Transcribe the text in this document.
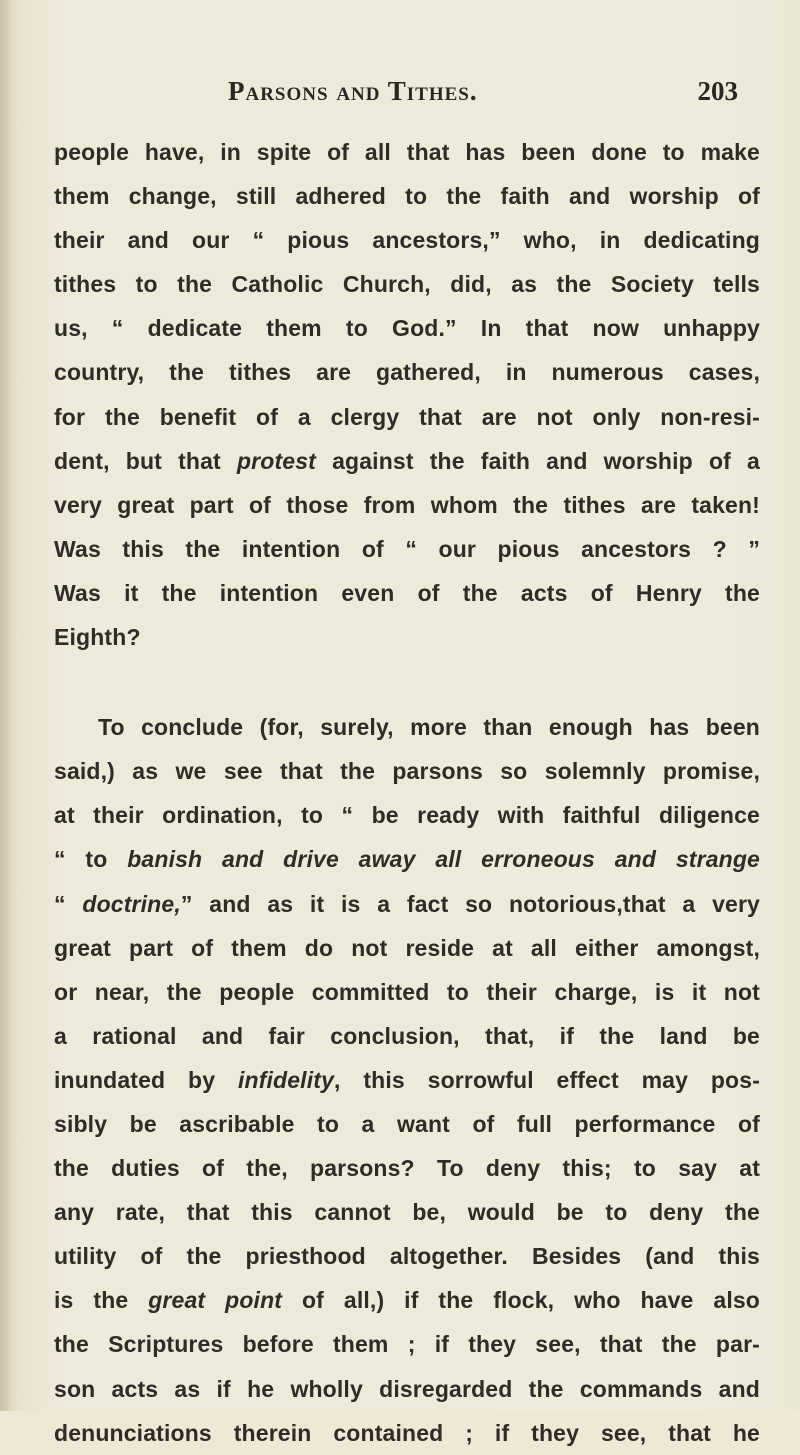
Parsons and Tithes.	203
people have, in spite of all that has been done to make
them change, still adhered to the faith and worship of
their and our “ pious ancestors,” who, in dedicating
tithes to the Catholic Church, did, as the Society tells
us, “ dedicate them to God.” In that now unhappy
country, the tithes are gathered, in numerous cases,
for the benefit of a clergy that are not only non-resi-
dent, but that protest against the faith and worship of a
very great part of those from whom the tithes are taken!
Was this the intention of “ our pious ancestors ? ”
Was it the intention even of the acts of Henry the
Eighth?
To conclude (for, surely, more than enough has been
said,) as we see that the parsons so solemnly promise,
at their ordination, to “ be ready with faithful diligence
“ to banish and drive away all erroneous and strange
“ doctrine,” and as it is a fact so notorious,that a very
great part of them do not reside at all either amongst,
or near, the people committed to their charge, is it not
a rational and fair conclusion, that, if the land be
inundated by infidelity, this sorrowful effect may pos-
sibly be ascribable to a want of full performance of
the duties of the, parsons? To deny this; to say at
any rate, that this cannot be, would be to deny the
utility of the priesthood altogether. Besides (and this
is the great point of all,) if the flock, who have also
the Scriptures before them ; if they see, that the par-
son acts as if he wholly disregarded the commands and
denunciations therein contained ; if they see, that he
